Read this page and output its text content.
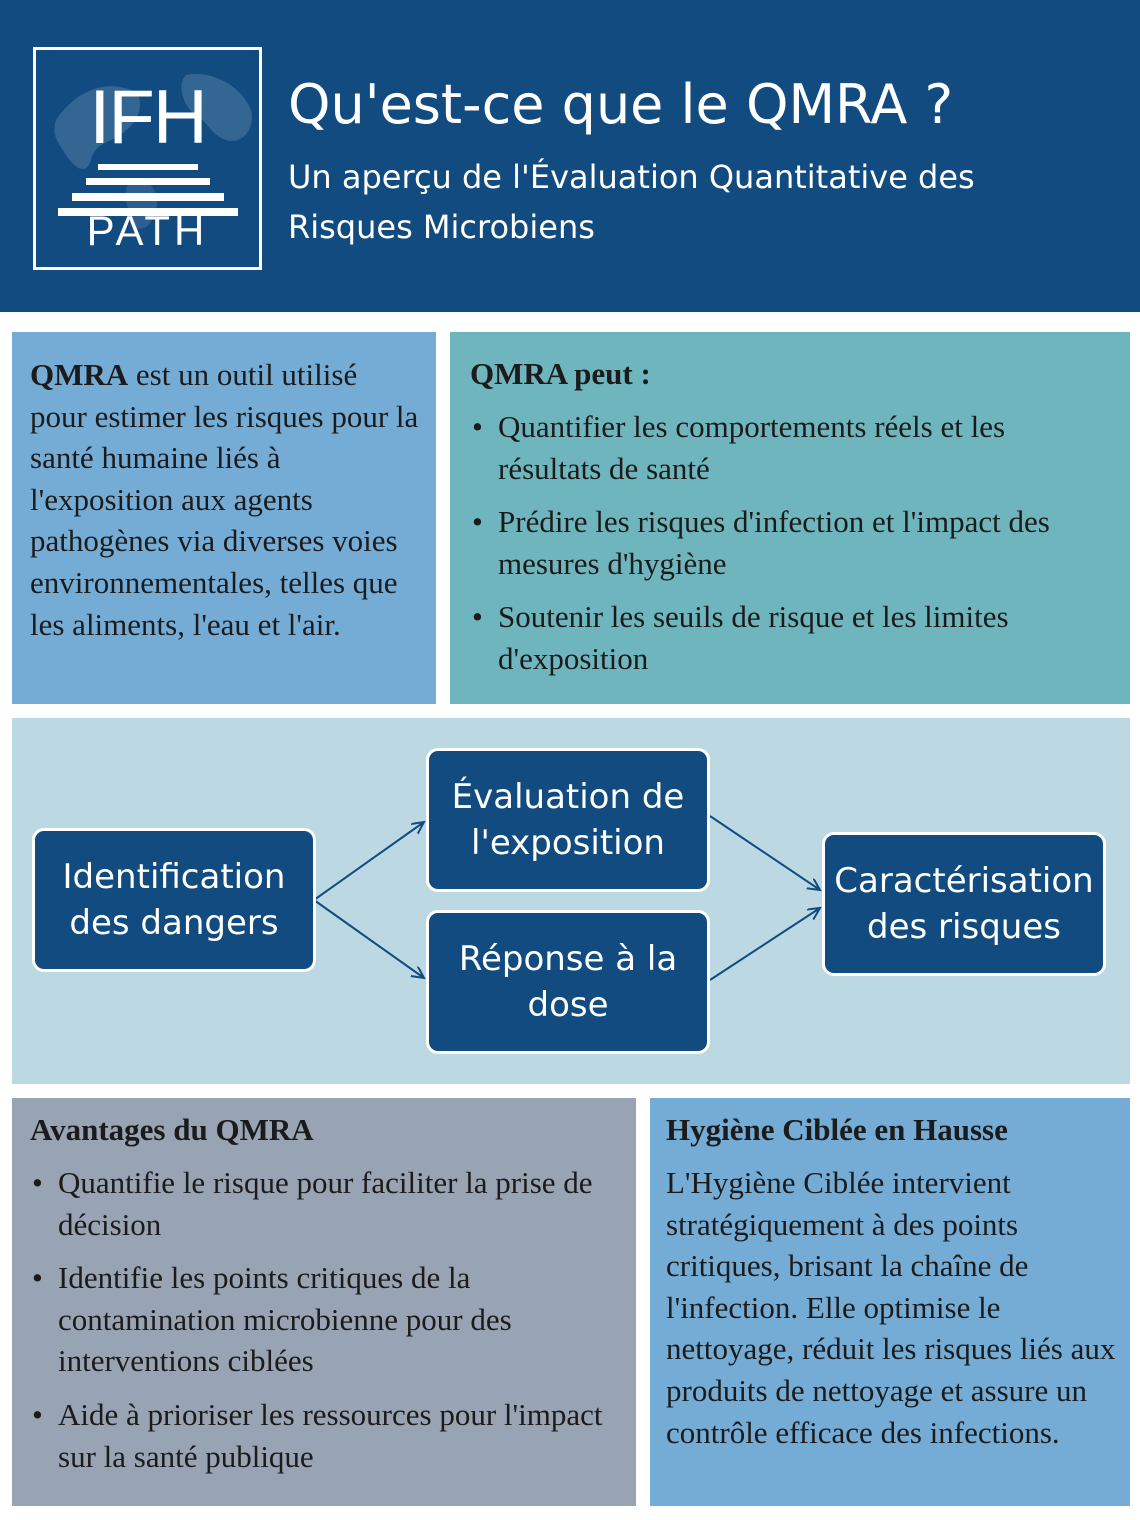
IFH
PATH
Qu'est-ce que le QMRA ?
Un aperçu de l'Évaluation Quantitative des Risques Microbiens
QMRA est un outil utilisé pour estimer les risques pour la santé humaine liés à l'exposition aux agents pathogènes via diverses voies environnementales, telles que les aliments, l'eau et l'air.
QMRA peut :
• Quantifier les comportements réels et les résultats de santé
• Prédire les risques d'infection et l'impact des mesures d'hygiène
• Soutenir les seuils de risque et les limites d'exposition
Identification des dangers
Évaluation de l'exposition
Réponse à la dose
Caractérisation des risques
Avantages du QMRA
• Quantifie le risque pour faciliter la prise de décision
• Identifie les points critiques de la contamination microbienne pour des interventions ciblées
• Aide à prioriser les ressources pour l'impact sur la santé publique
Hygiène Ciblée en Hausse
L'Hygiène Ciblée intervient stratégiquement à des points critiques, brisant la chaîne de l'infection. Elle optimise le nettoyage, réduit les risques liés aux produits de nettoyage et assure un contrôle efficace des infections.
